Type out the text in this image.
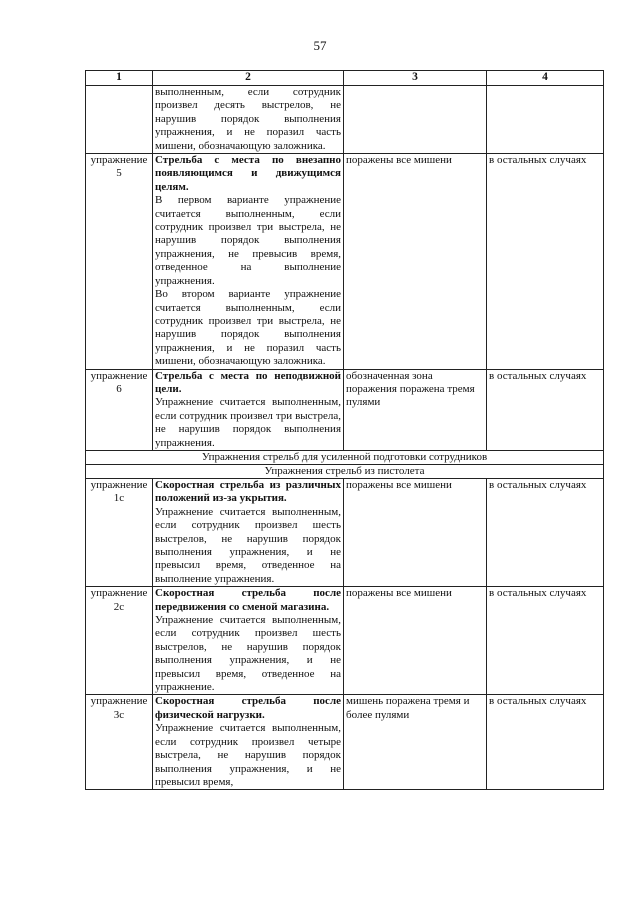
57
1	2	3	4

	выполненным, если сотрудник произвел десять выстрелов, не нарушив порядок выполнения упражнения, и не поразил часть мишени, обозначающую заложника.		

упражнение
5	Стрельба с места по внезапно появляющимся и движущимся целям.
В первом варианте упражнение считается выполненным, если сотрудник произвел три выстрела, не нарушив порядок выполнения упражнения, не превысив время, отведенное на выполнение упражнения.
Во втором варианте упражнение считается выполненным, если сотрудник произвел три выстрела, не нарушив порядок выполнения упражнения, и не поразил часть мишени, обозначающую заложника.	поражены все мишени	в остальных случаях

упражнение
6	Стрельба с места по неподвижной цели.
Упражнение считается выполненным, если сотрудник произвел три выстрела, не нарушив порядок выполнения упражнения.	обозначенная зона поражения поражена тремя пулями	в остальных случаях
Упражнения стрельб для усиленной подготовки сотрудников			
Упражнения стрельб из пистолета			

упражнение
1с	Скоростная стрельба из различных положений из-за укрытия.
Упражнение считается выполненным, если сотрудник произвел шесть выстрелов, не нарушив порядок выполнения упражнения, и не превысил время, отведенное на выполнение упражнения.	поражены все мишени	в остальных случаях

упражнение
2с	Скоростная стрельба после передвижения со сменой магазина.
Упражнение считается выполненным, если сотрудник произвел шесть выстрелов, не нарушив порядок выполнения упражнения, и не превысил время, отведенное на упражнение.	поражены все мишени	в остальных случаях

упражнение
3с	Скоростная стрельба после физической нагрузки.
Упражнение считается выполненным, если сотрудник произвел четыре выстрела, не нарушив порядок выполнения упражнения, и не превысил время,	мишень поражена тремя и более пулями	в остальных случаях
